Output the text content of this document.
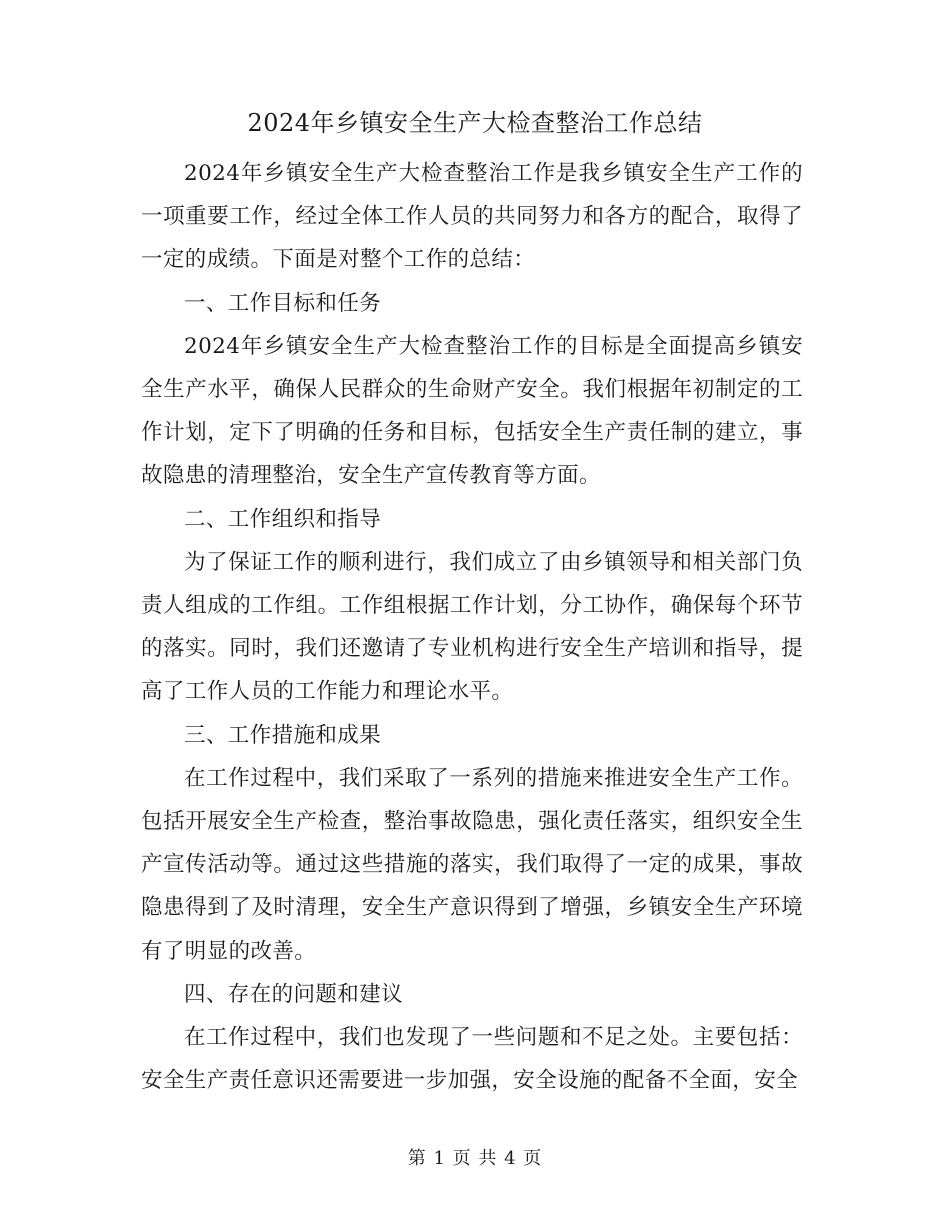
2024年乡镇安全生产大检查整治工作总结

2024年乡镇安全生产大检查整治工作是我乡镇安全生产工作的一项重要工作，经过全体工作人员的共同努力和各方的配合，取得了一定的成绩。下面是对整个工作的总结：

一、工作目标和任务

2024年乡镇安全生产大检查整治工作的目标是全面提高乡镇安全生产水平，确保人民群众的生命财产安全。我们根据年初制定的工作计划，定下了明确的任务和目标，包括安全生产责任制的建立，事故隐患的清理整治，安全生产宣传教育等方面。

二、工作组织和指导

为了保证工作的顺利进行，我们成立了由乡镇领导和相关部门负责人组成的工作组。工作组根据工作计划，分工协作，确保每个环节的落实。同时，我们还邀请了专业机构进行安全生产培训和指导，提高了工作人员的工作能力和理论水平。

三、工作措施和成果

在工作过程中，我们采取了一系列的措施来推进安全生产工作。包括开展安全生产检查，整治事故隐患，强化责任落实，组织安全生产宣传活动等。通过这些措施的落实，我们取得了一定的成果，事故隐患得到了及时清理，安全生产意识得到了增强，乡镇安全生产环境有了明显的改善。

四、存在的问题和建议

在工作过程中，我们也发现了一些问题和不足之处。主要包括：安全生产责任意识还需要进一步加强，安全设施的配备不全面，安全

第 1 页 共 4 页
